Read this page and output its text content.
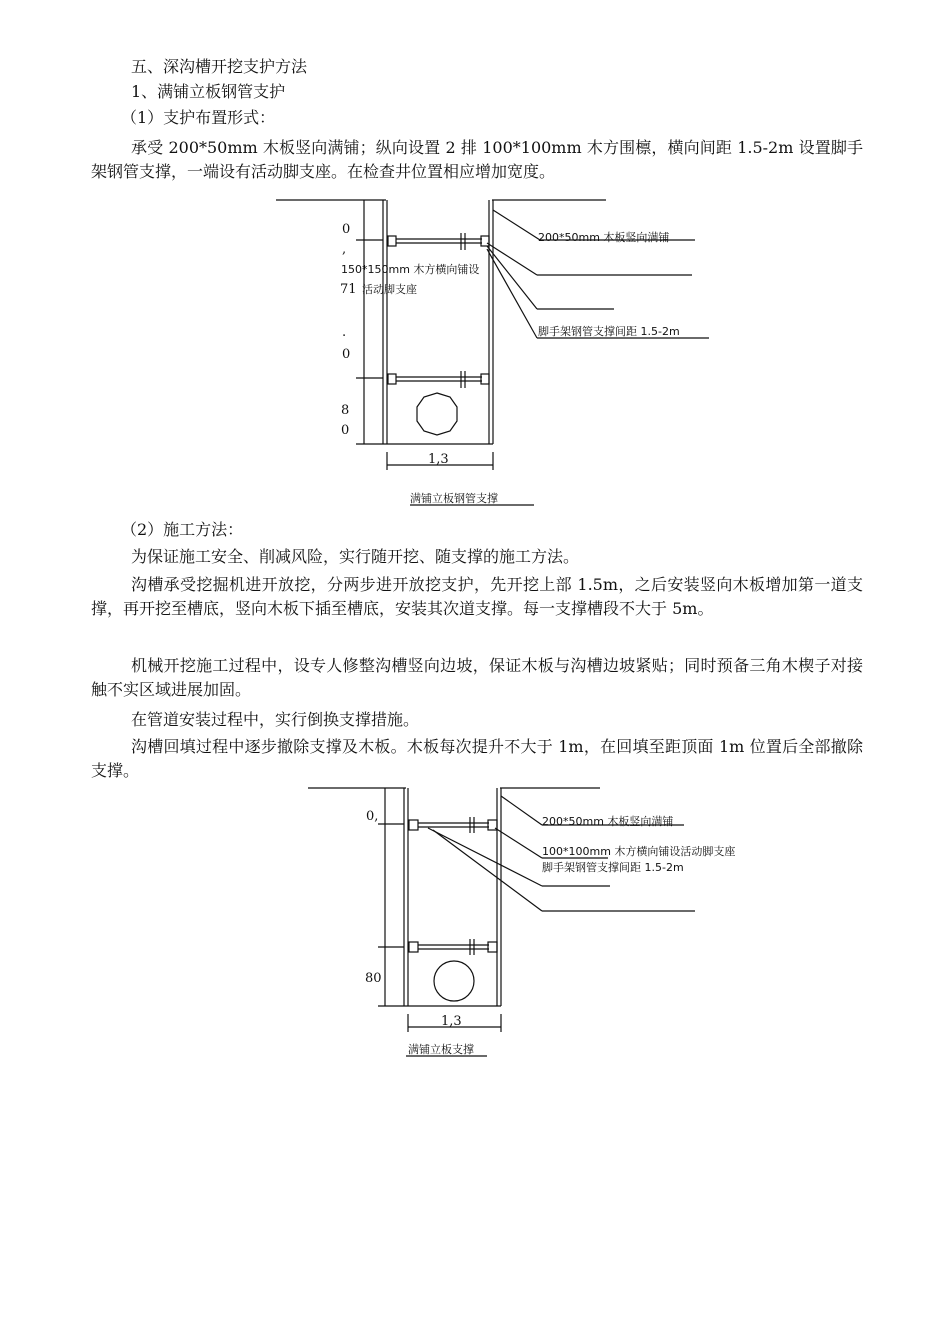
五、深沟槽开挖支护方法
1、满铺立板钢管支护
（1）支护布置形式：
承受 200*50mm 木板竖向满铺；纵向设置 2 排 100*100mm 木方围檩，横向间距 1.5-2m 设置脚手架钢管支撑，一端设有活动脚支座。在检查井位置相应增加宽度。
0
,
71
.
0
8
0
1,3
200*50mm 木板竖向满铺
150*150mm 木方横向铺设
活动脚支座
脚手架钢管支撑间距 1.5-2m
满铺立板钢管支撑
0,
80
1,3
200*50mm 木板竖向满铺
100*100mm 木方横向铺设活动脚支座
脚手架钢管支撑间距 1.5-2m
满铺立板支撑
（2）施工方法：
为保证施工安全、削减风险，实行随开挖、随支撑的施工方法。
沟槽承受挖掘机进开放挖，分两步进开放挖支护，先开挖上部 1.5m，之后安装竖向木板增加第一道支撑，再开挖至槽底，竖向木板下插至槽底，安装其次道支撑。每一支撑槽段不大于 5m。
机械开挖施工过程中，设专人修整沟槽竖向边坡，保证木板与沟槽边坡紧贴；同时预备三角木楔子对接触不实区域进展加固。
在管道安装过程中，实行倒换支撑措施。
沟槽回填过程中逐步撤除支撑及木板。木板每次提升不大于 1m，在回填至距顶面 1m 位置后全部撤除支撑。
